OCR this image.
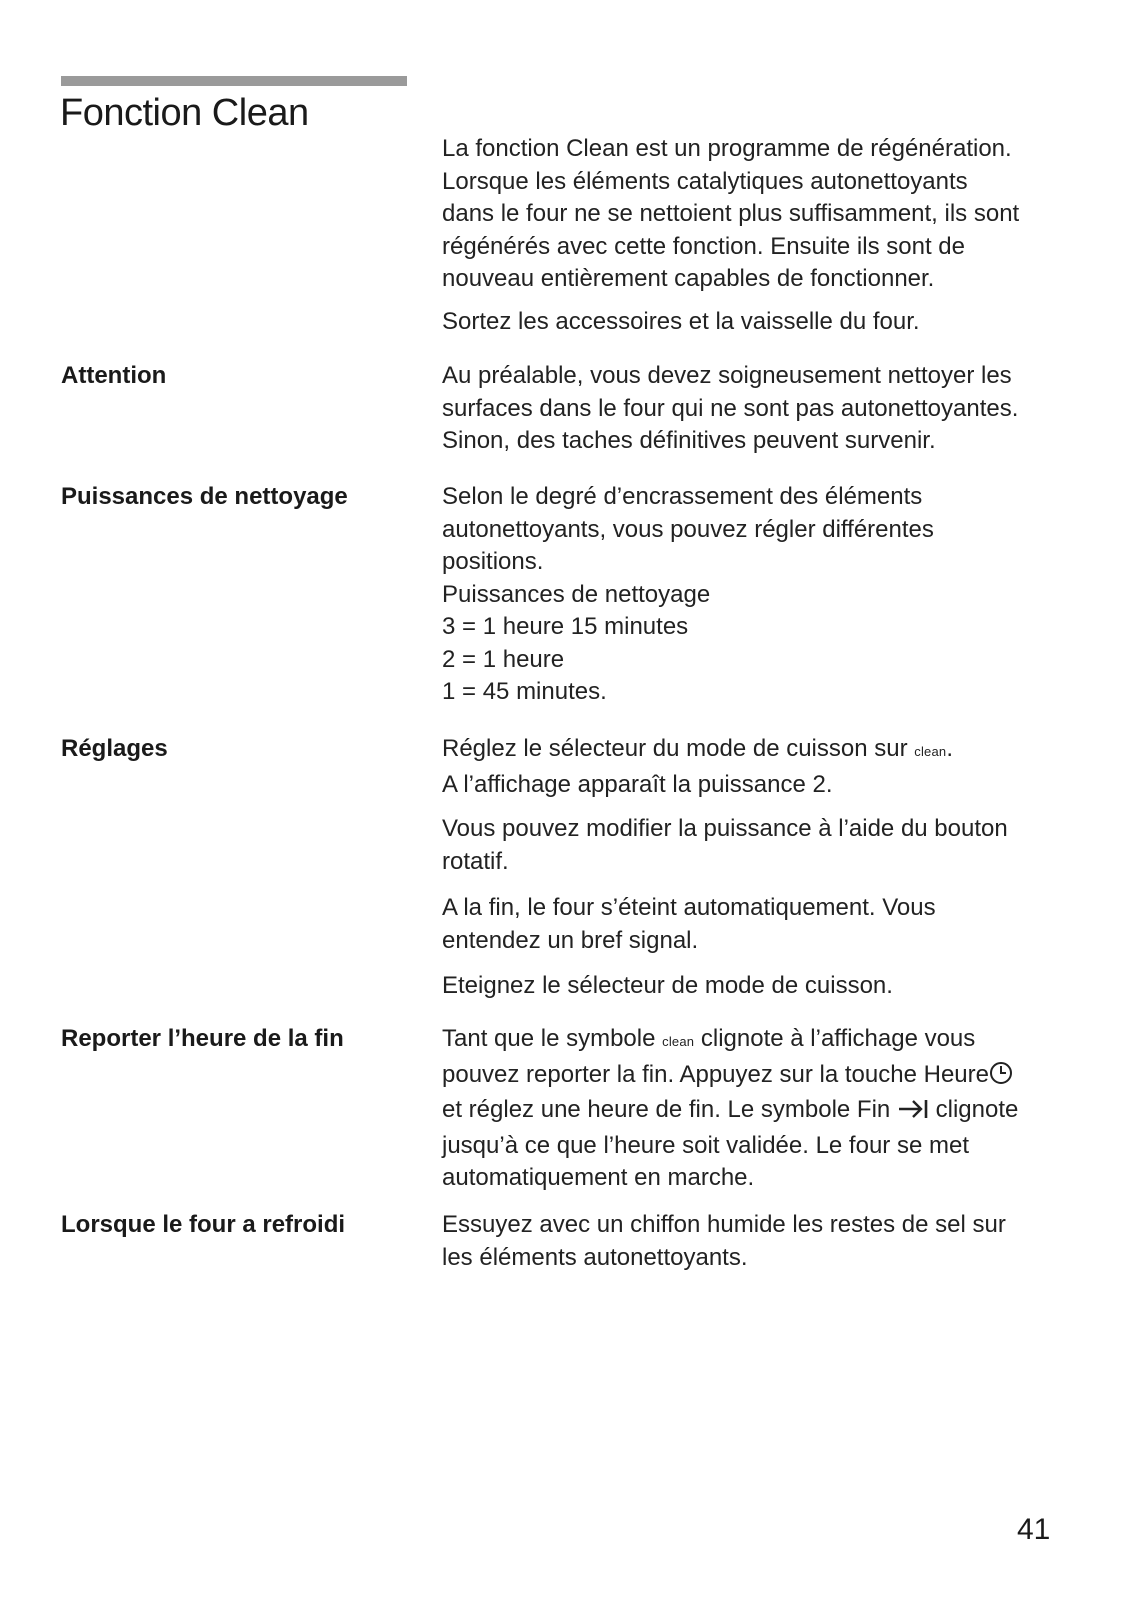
Fonction Clean
La fonction Clean est un programme de régénération.
Lorsque les éléments catalytiques autonettoyants
dans le four ne se nettoient plus suffisamment, ils sont
régénérés avec cette fonction. Ensuite ils sont de
nouveau entièrement capables de fonctionner.
Sortez les accessoires et la vaisselle du four.
Attention	Au préalable, vous devez soigneusement nettoyer les
surfaces dans le four qui ne sont pas autonettoyantes.
Sinon, des taches définitives peuvent survenir.
Puissances de nettoyage	Selon le degré d’encrassement des éléments
autonettoyants, vous pouvez régler différentes
positions.
Puissances de nettoyage
3 = 1 heure 15 minutes
2 = 1 heure
1 = 45 minutes.
Réglages	Réglez le sélecteur du mode de cuisson sur clean.
A l’affichage apparaît la puissance 2.
Vous pouvez modifier la puissance à l’aide du bouton
rotatif.
A la fin, le four s’éteint automatiquement. Vous
entendez un bref signal.
Eteignez le sélecteur de mode de cuisson.
Reporter l’heure de la fin	Tant que le symbole clean clignote à l’affichage vous
pouvez reporter la fin. Appuyez sur la touche Heure
et réglez une heure de fin. Le symbole Fin  clignote
jusqu’à ce que l’heure soit validée. Le four se met
automatiquement en marche.
Lorsque le four a refroidi	Essuyez avec un chiffon humide les restes de sel sur
les éléments autonettoyants.
41
